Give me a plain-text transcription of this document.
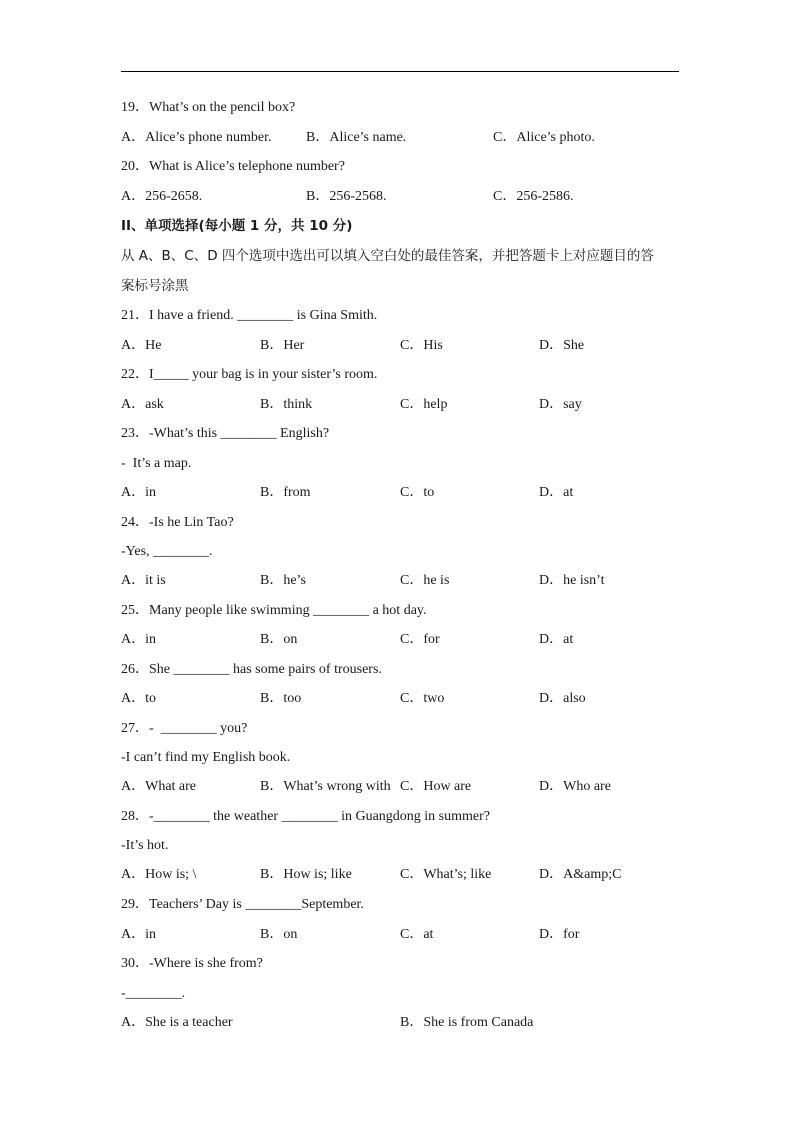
19．What’s on the pencil box?
A．Alice’s phone number. B．Alice’s name.	C．Alice’s photo.
20．What is Alice’s telephone number?
A．256-2658.	B．256-2568.	C．256-2586.
II、单项选择(每小题 1 分，共 10 分)
从 A、B、C、D 四个选项中选出可以填入空白处的最佳答案，并把答题卡上对应题目的答
案标号涂黑
21．I have a friend. ________ is Gina Smith.
A．He	B．Her	C．His	D．She
22．I_____ your bag is in your sister’s room.
A．ask	B．think	C．help	D．say
23．-What’s this ________ English?
-  It’s a map.
A．in	B．from	C．to	D．at
24．-Is he Lin Tao?
-Yes, ________.
A．it is	B．he’s	C．he is	D．he isn’t
25．Many people like swimming ________ a hot day.
A．in	B．on	C．for	D．at
26．She ________ has some pairs of trousers.
A．to	B．too	C．two	D．also
27．-  ________ you?
-I can’t find my English book.
A．What are	B．What’s wrong with C．How are	D．Who are
28．-________ the weather ________ in Guangdong in summer?
-It’s hot.
A．How is; \	B．How is; like	C．What’s; like	D．A&amp;C
29．Teachers’ Day is ________September.
A．in	B．on	C．at	D．for
30．-Where is she from?
-________.
A．She is a teacher	B．She is from Canada
